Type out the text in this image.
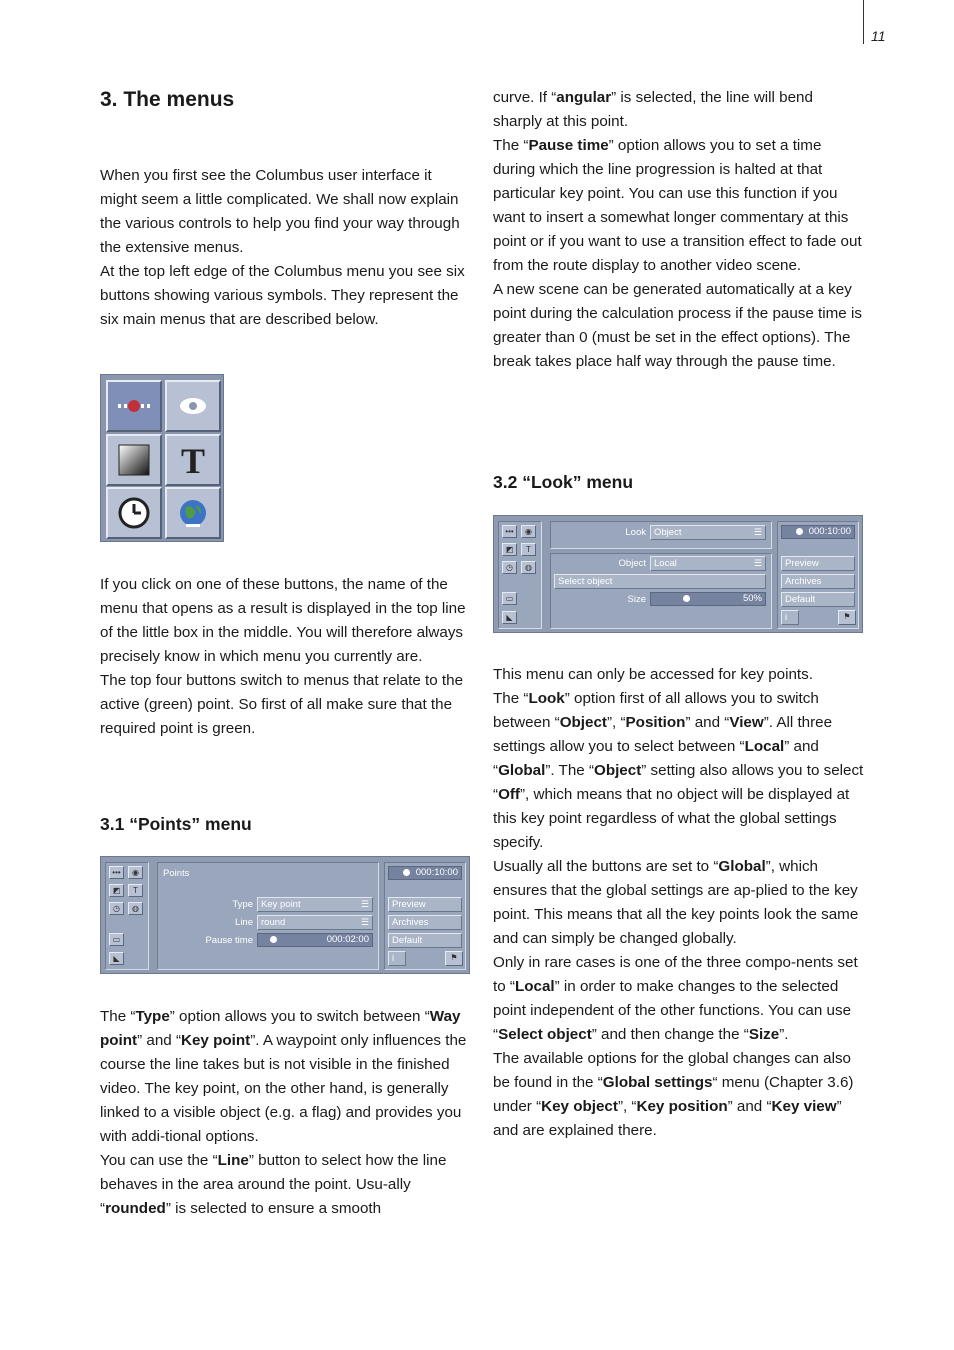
11
3. The menus

When you first see the Columbus user interface it might seem a little complicated. We shall now explain the various controls to help you find your way through the extensive menus.

At the top left edge of the Columbus menu you see six buttons showing various symbols. They represent the six main menus that are described below.

T

If you click on one of these buttons, the name of the menu that opens as a result is displayed in the top line of the little box in the middle. You will therefore always precisely know in which menu you currently are.

The top four buttons switch to menus that relate to the active (green) point. So first of all make sure that the required point is green.

3.1 “Points” menu
•••	◉
◩	T
◷	◍
▭
◣
Points
Type Key point	☰
Line round	☰
Pause time	000:02:00
000:10:00
Preview
Archives
Default
i	⚑

The “Type” option allows you to switch between “Way point” and “Key point”. A waypoint only influences the course the line takes but is not visible in the finished video. The key point, on the other hand, is generally linked to a visible object (e.g. a flag) and provides you with addi-tional options.

You can use the “Line” button to select how the line behaves in the area around the point. Usu-ally “rounded” is selected to ensure a smooth

curve. If “angular” is selected, the line will bend sharply at this point.

The “Pause time” option allows you to set a time during which the line progression is halted at that particular key point. You can use this function if you want to insert a somewhat longer commentary at this point or if you want to use a transition effect to fade out from the route display to another video scene.

A new scene can be generated automatically at a key point during the calculation process if the pause time is greater than 0 (must be set in the effect options). The break takes place half way through the pause time.

3.2 “Look” menu
•••	◉
◩	T
◷	◍
▭
◣
Look Object	☰
Object Local	☰
Select object
Size	50%
000:10:00
Preview
Archives
Default
i	⚑

This menu can only be accessed for key points.

The “Look” option first of all allows you to switch between “Object”, “Position” and “View”. All three settings allow you to select between “Local” and “Global”. The “Object” setting also allows you to select “Off”, which means that no object will be displayed at this key point regardless of what the global settings specify.

Usually all the buttons are set to “Global”, which ensures that the global settings are ap-plied to the key point. This means that all the key points look the same and can simply be changed globally.

Only in rare cases is one of the three compo-nents set to “Local” in order to make changes to the selected point independent of the other functions. You can use “Select object” and then change the “Size”.

The available options for the global changes can also be found in the “Global settings“ menu (Chapter 3.6) under “Key object”, “Key position” and “Key view” and are explained there.
